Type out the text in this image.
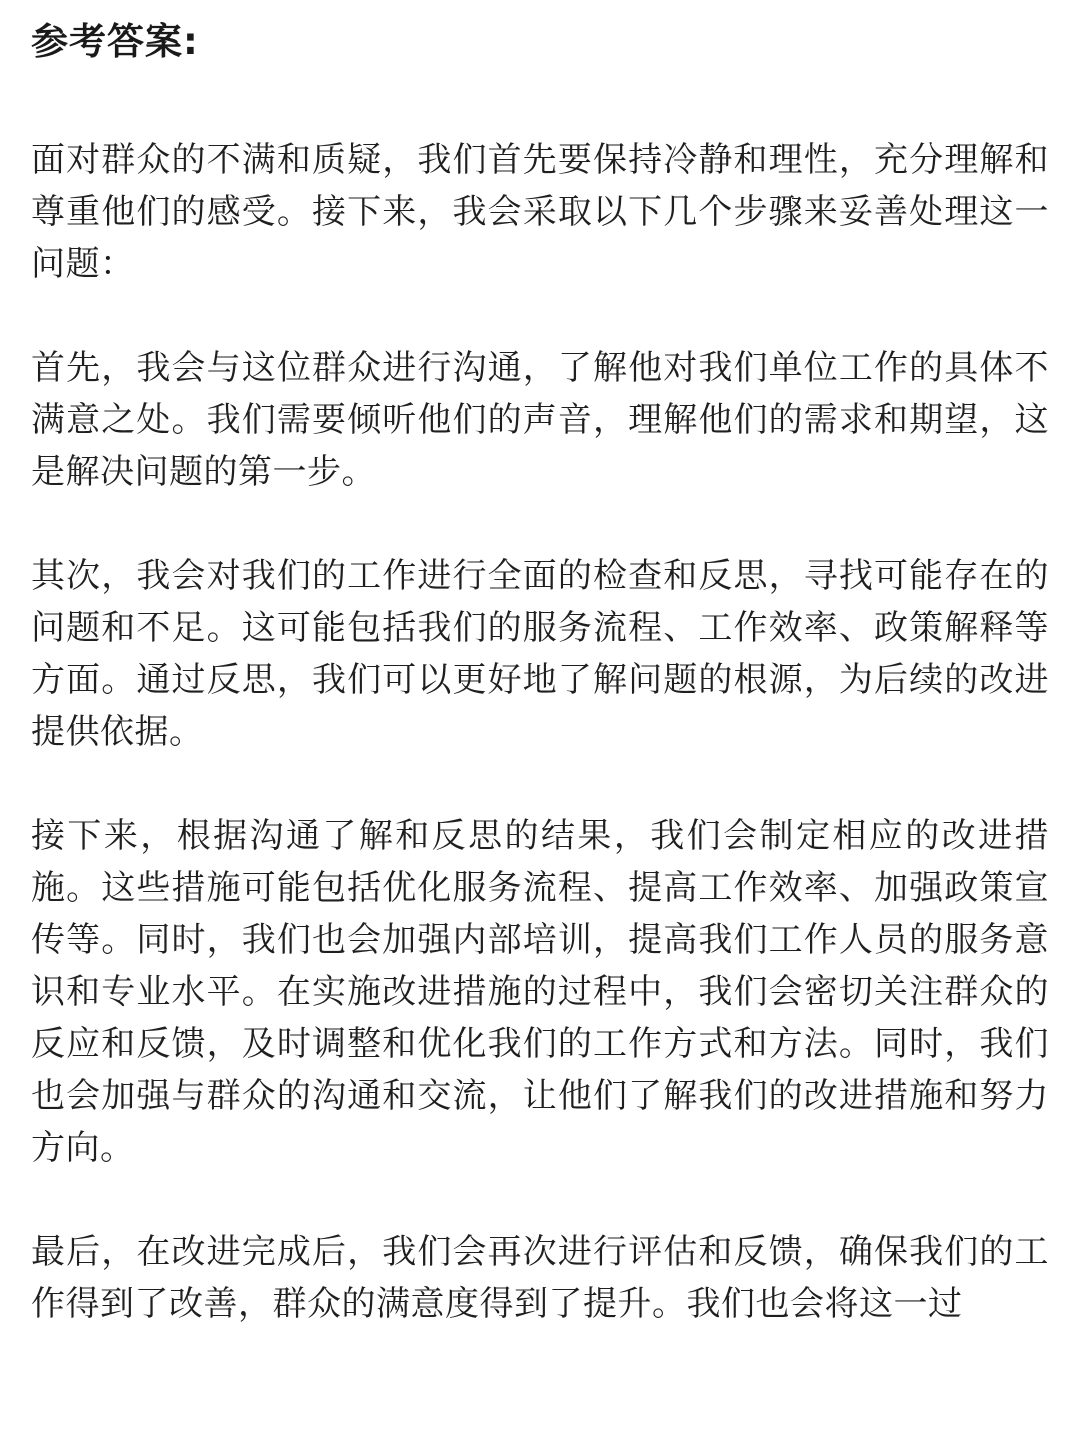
参考答案:

面对群众的不满和质疑，我们首先要保持冷静和理性，充分理解和尊重他们的感受。接下来，我会采取以下几个步骤来妥善处理这一问题：

首先，我会与这位群众进行沟通，了解他对我们单位工作的具体不满意之处。我们需要倾听他们的声音，理解他们的需求和期望，这是解决问题的第一步。

其次，我会对我们的工作进行全面的检查和反思，寻找可能存在的问题和不足。这可能包括我们的服务流程、工作效率、政策解释等方面。通过反思，我们可以更好地了解问题的根源，为后续的改进提供依据。

接下来，根据沟通了解和反思的结果，我们会制定相应的改进措施。这些措施可能包括优化服务流程、提高工作效率、加强政策宣传等。同时，我们也会加强内部培训，提高我们工作人员的服务意识和专业水平。在实施改进措施的过程中，我们会密切关注群众的反应和反馈，及时调整和优化我们的工作方式和方法。同时，我们也会加强与群众的沟通和交流，让他们了解我们的改进措施和努力方向。

最后，在改进完成后，我们会再次进行评估和反馈，确保我们的工作得到了改善，群众的满意度得到了提升。我们也会将这一过
